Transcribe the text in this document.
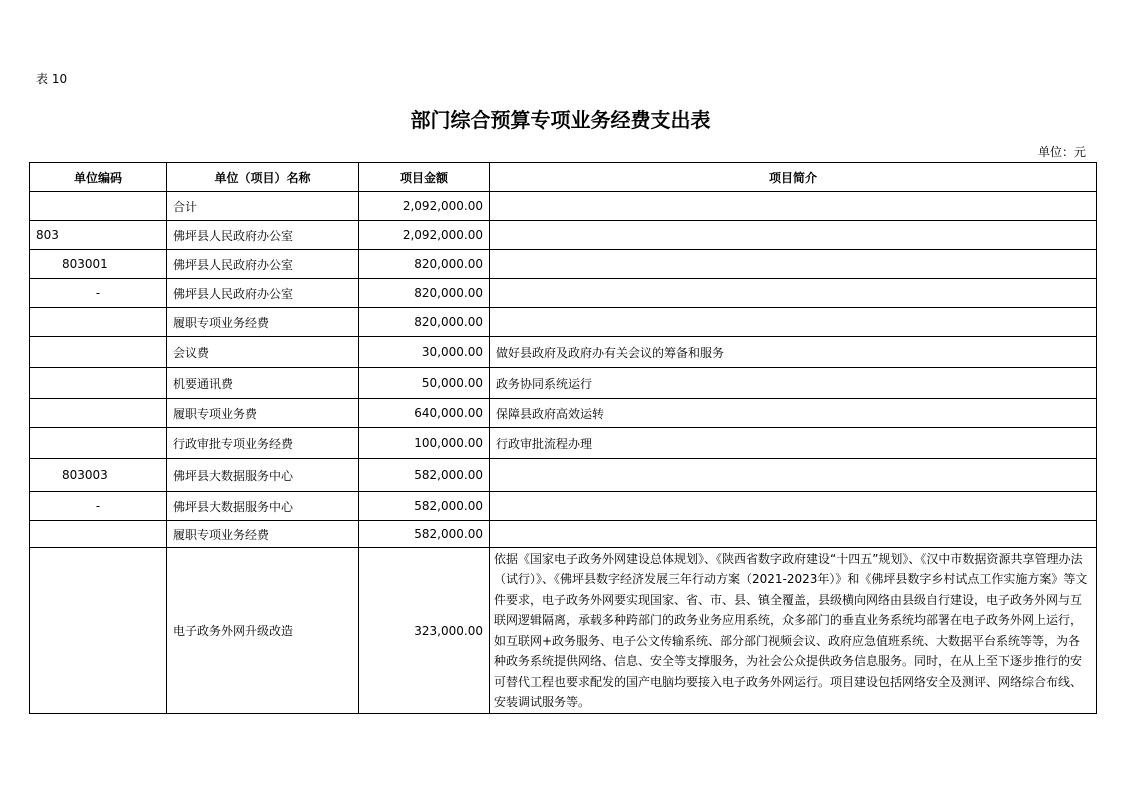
表 10
部门综合预算专项业务经费支出表
单位：元
单位编码	单位（项目）名称	项目金额	项目简介
	合计	2,092,000.00	
803	佛坪县人民政府办公室	2,092,000.00	
803001	佛坪县人民政府办公室	820,000.00	
-	佛坪县人民政府办公室	820,000.00	
	履职专项业务经费	820,000.00	
	会议费	30,000.00	做好县政府及政府办有关会议的筹备和服务
	机要通讯费	50,000.00	政务协同系统运行
	履职专项业务费	640,000.00	保障县政府高效运转
	行政审批专项业务经费	100,000.00	行政审批流程办理
803003	佛坪县大数据服务中心	582,000.00	
-	佛坪县大数据服务中心	582,000.00	
	履职专项业务经费	582,000.00	
	电子政务外网升级改造	323,000.00	依据《国家电子政务外网建设总体规划》、《陕西省数字政府建设“十四五”规划》、《汉中市数据资源共享管理办法（试行）》、《佛坪县数字经济发展三年行动方案（2021-2023年）》和《佛坪县数字乡村试点工作实施方案》等文件要求，电子政务外网要实现国家、省、市、县、镇全覆盖，县级横向网络由县级自行建设，电子政务外网与互联网逻辑隔离，承载多种跨部门的政务业务应用系统，众多部门的垂直业务系统均部署在电子政务外网上运行，如互联网+政务服务、电子公文传输系统、部分部门视频会议、政府应急值班系统、大数据平台系统等等，为各种政务系统提供网络、信息、安全等支撑服务，为社会公众提供政务信息服务。同时，在从上至下逐步推行的安可替代工程也要求配发的国产电脑均要接入电子政务外网运行。项目建设包括网络安全及测评、网络综合布线、安装调试服务等。
